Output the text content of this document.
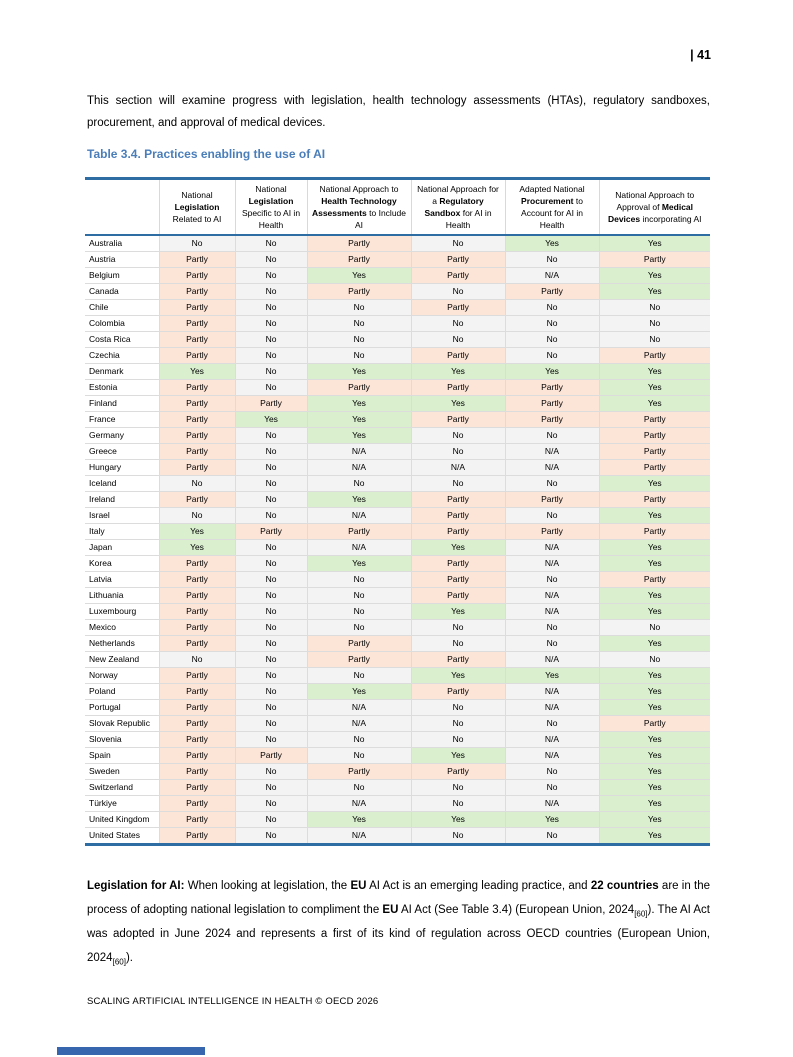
| 41
This section will examine progress with legislation, health technology assessments (HTAs), regulatory sandboxes, procurement, and approval of medical devices.
Table 3.4. Practices enabling the use of AI
	National Legislation Related to AI	National Legislation Specific to AI in Health	National Approach to Health Technology Assessments to Include AI	National Approach for a Regulatory Sandbox for AI in Health	Adapted National Procurement to Account for AI in Health	National Approach to Approval of Medical Devices incorporating AI
Australia	No	No	Partly	No	Yes	Yes
Austria	Partly	No	Partly	Partly	No	Partly
Belgium	Partly	No	Yes	Partly	N/A	Yes
Canada	Partly	No	Partly	No	Partly	Yes
Chile	Partly	No	No	Partly	No	No
Colombia	Partly	No	No	No	No	No
Costa Rica	Partly	No	No	No	No	No
Czechia	Partly	No	No	Partly	No	Partly
Denmark	Yes	No	Yes	Yes	Yes	Yes
Estonia	Partly	No	Partly	Partly	Partly	Yes
Finland	Partly	Partly	Yes	Yes	Partly	Yes
France	Partly	Yes	Yes	Partly	Partly	Partly
Germany	Partly	No	Yes	No	No	Partly
Greece	Partly	No	N/A	No	N/A	Partly
Hungary	Partly	No	N/A	N/A	N/A	Partly
Iceland	No	No	No	No	No	Yes
Ireland	Partly	No	Yes	Partly	Partly	Partly
Israel	No	No	N/A	Partly	No	Yes
Italy	Yes	Partly	Partly	Partly	Partly	Partly
Japan	Yes	No	N/A	Yes	N/A	Yes
Korea	Partly	No	Yes	Partly	N/A	Yes
Latvia	Partly	No	No	Partly	No	Partly
Lithuania	Partly	No	No	Partly	N/A	Yes
Luxembourg	Partly	No	No	Yes	N/A	Yes
Mexico	Partly	No	No	No	No	No
Netherlands	Partly	No	Partly	No	No	Yes
New Zealand	No	No	Partly	Partly	N/A	No
Norway	Partly	No	No	Yes	Yes	Yes
Poland	Partly	No	Yes	Partly	N/A	Yes
Portugal	Partly	No	N/A	No	N/A	Yes
Slovak Republic	Partly	No	N/A	No	No	Partly
Slovenia	Partly	No	No	No	N/A	Yes
Spain	Partly	Partly	No	Yes	N/A	Yes
Sweden	Partly	No	Partly	Partly	No	Yes
Switzerland	Partly	No	No	No	No	Yes
Türkiye	Partly	No	N/A	No	N/A	Yes
United Kingdom	Partly	No	Yes	Yes	Yes	Yes
United States	Partly	No	N/A	No	No	Yes
Legislation for AI: When looking at legislation, the EU AI Act is an emerging leading practice, and 22 countries are in the process of adopting national legislation to compliment the EU AI Act (See Table 3.4) (European Union, $2024_{[60]}$). The AI Act was adopted in June 2024 and represents a first of its kind of regulation across OECD countries (European Union, $2024_{[60]}$).
SCALING ARTIFICIAL INTELLIGENCE IN HEALTH © OECD 2026
